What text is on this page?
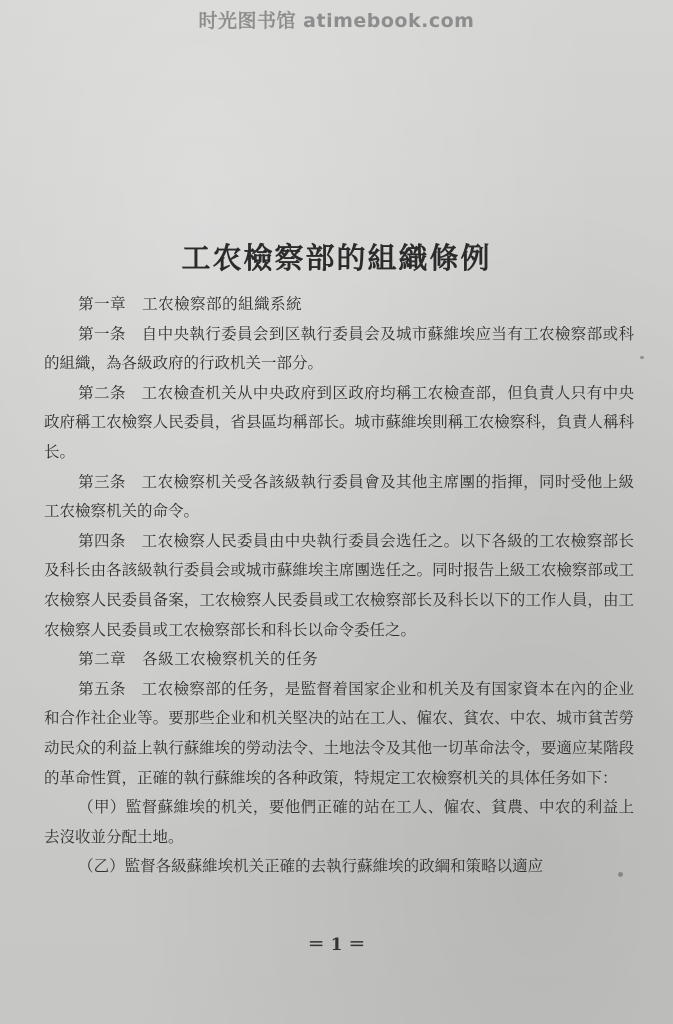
时光图书馆 atimebook.com
工农檢察部的組織條例

第一章　工农檢察部的組織系統

第一条　自中央執行委員会到区執行委員会及城市蘇維埃应当有工农檢察部或科的組織，為各級政府的行政机关一部分。

第二条　工农檢查机关从中央政府到区政府均稱工农檢查部，但負責人只有中央政府稱工农檢察人民委員，省县區均稱部长。城市蘇維埃則稱工农檢察科，負責人稱科长。

第三条　工农檢察机关受各該級執行委員會及其他主席團的指揮，同时受他上級工农檢察机关的命令。

第四条　工农檢察人民委員由中央執行委員会选任之。以下各級的工农檢察部长及科长由各該級執行委員会或城市蘇維埃主席團选任之。同时报告上級工农檢察部或工农檢察人民委員备案，工农檢察人民委員或工农檢察部长及科长以下的工作人員，由工农檢察人民委員或工农檢察部长和科长以命令委任之。

第二章　各級工农檢察机关的任务

第五条　工农檢察部的任务，是監督着国家企业和机关及有国家資本在內的企业和合作社企业等。要那些企业和机关堅决的站在工人、僱农、貧农、中农、城市貧苦勞动民众的利益上執行蘇維埃的勞动法令、土地法令及其他一切革命法令，要適应某階段的革命性質，正確的執行蘇維埃的各种政策，特規定工农檢察机关的具体任务如下：

（甲）監督蘇維埃的机关，要他們正確的站在工人、僱农、貧農、中农的利益上去沒收並分配土地。

（乙）監督各級蘇維埃机关正確的去執行蘇維埃的政綱和策略以適应

＝ 1 ＝
